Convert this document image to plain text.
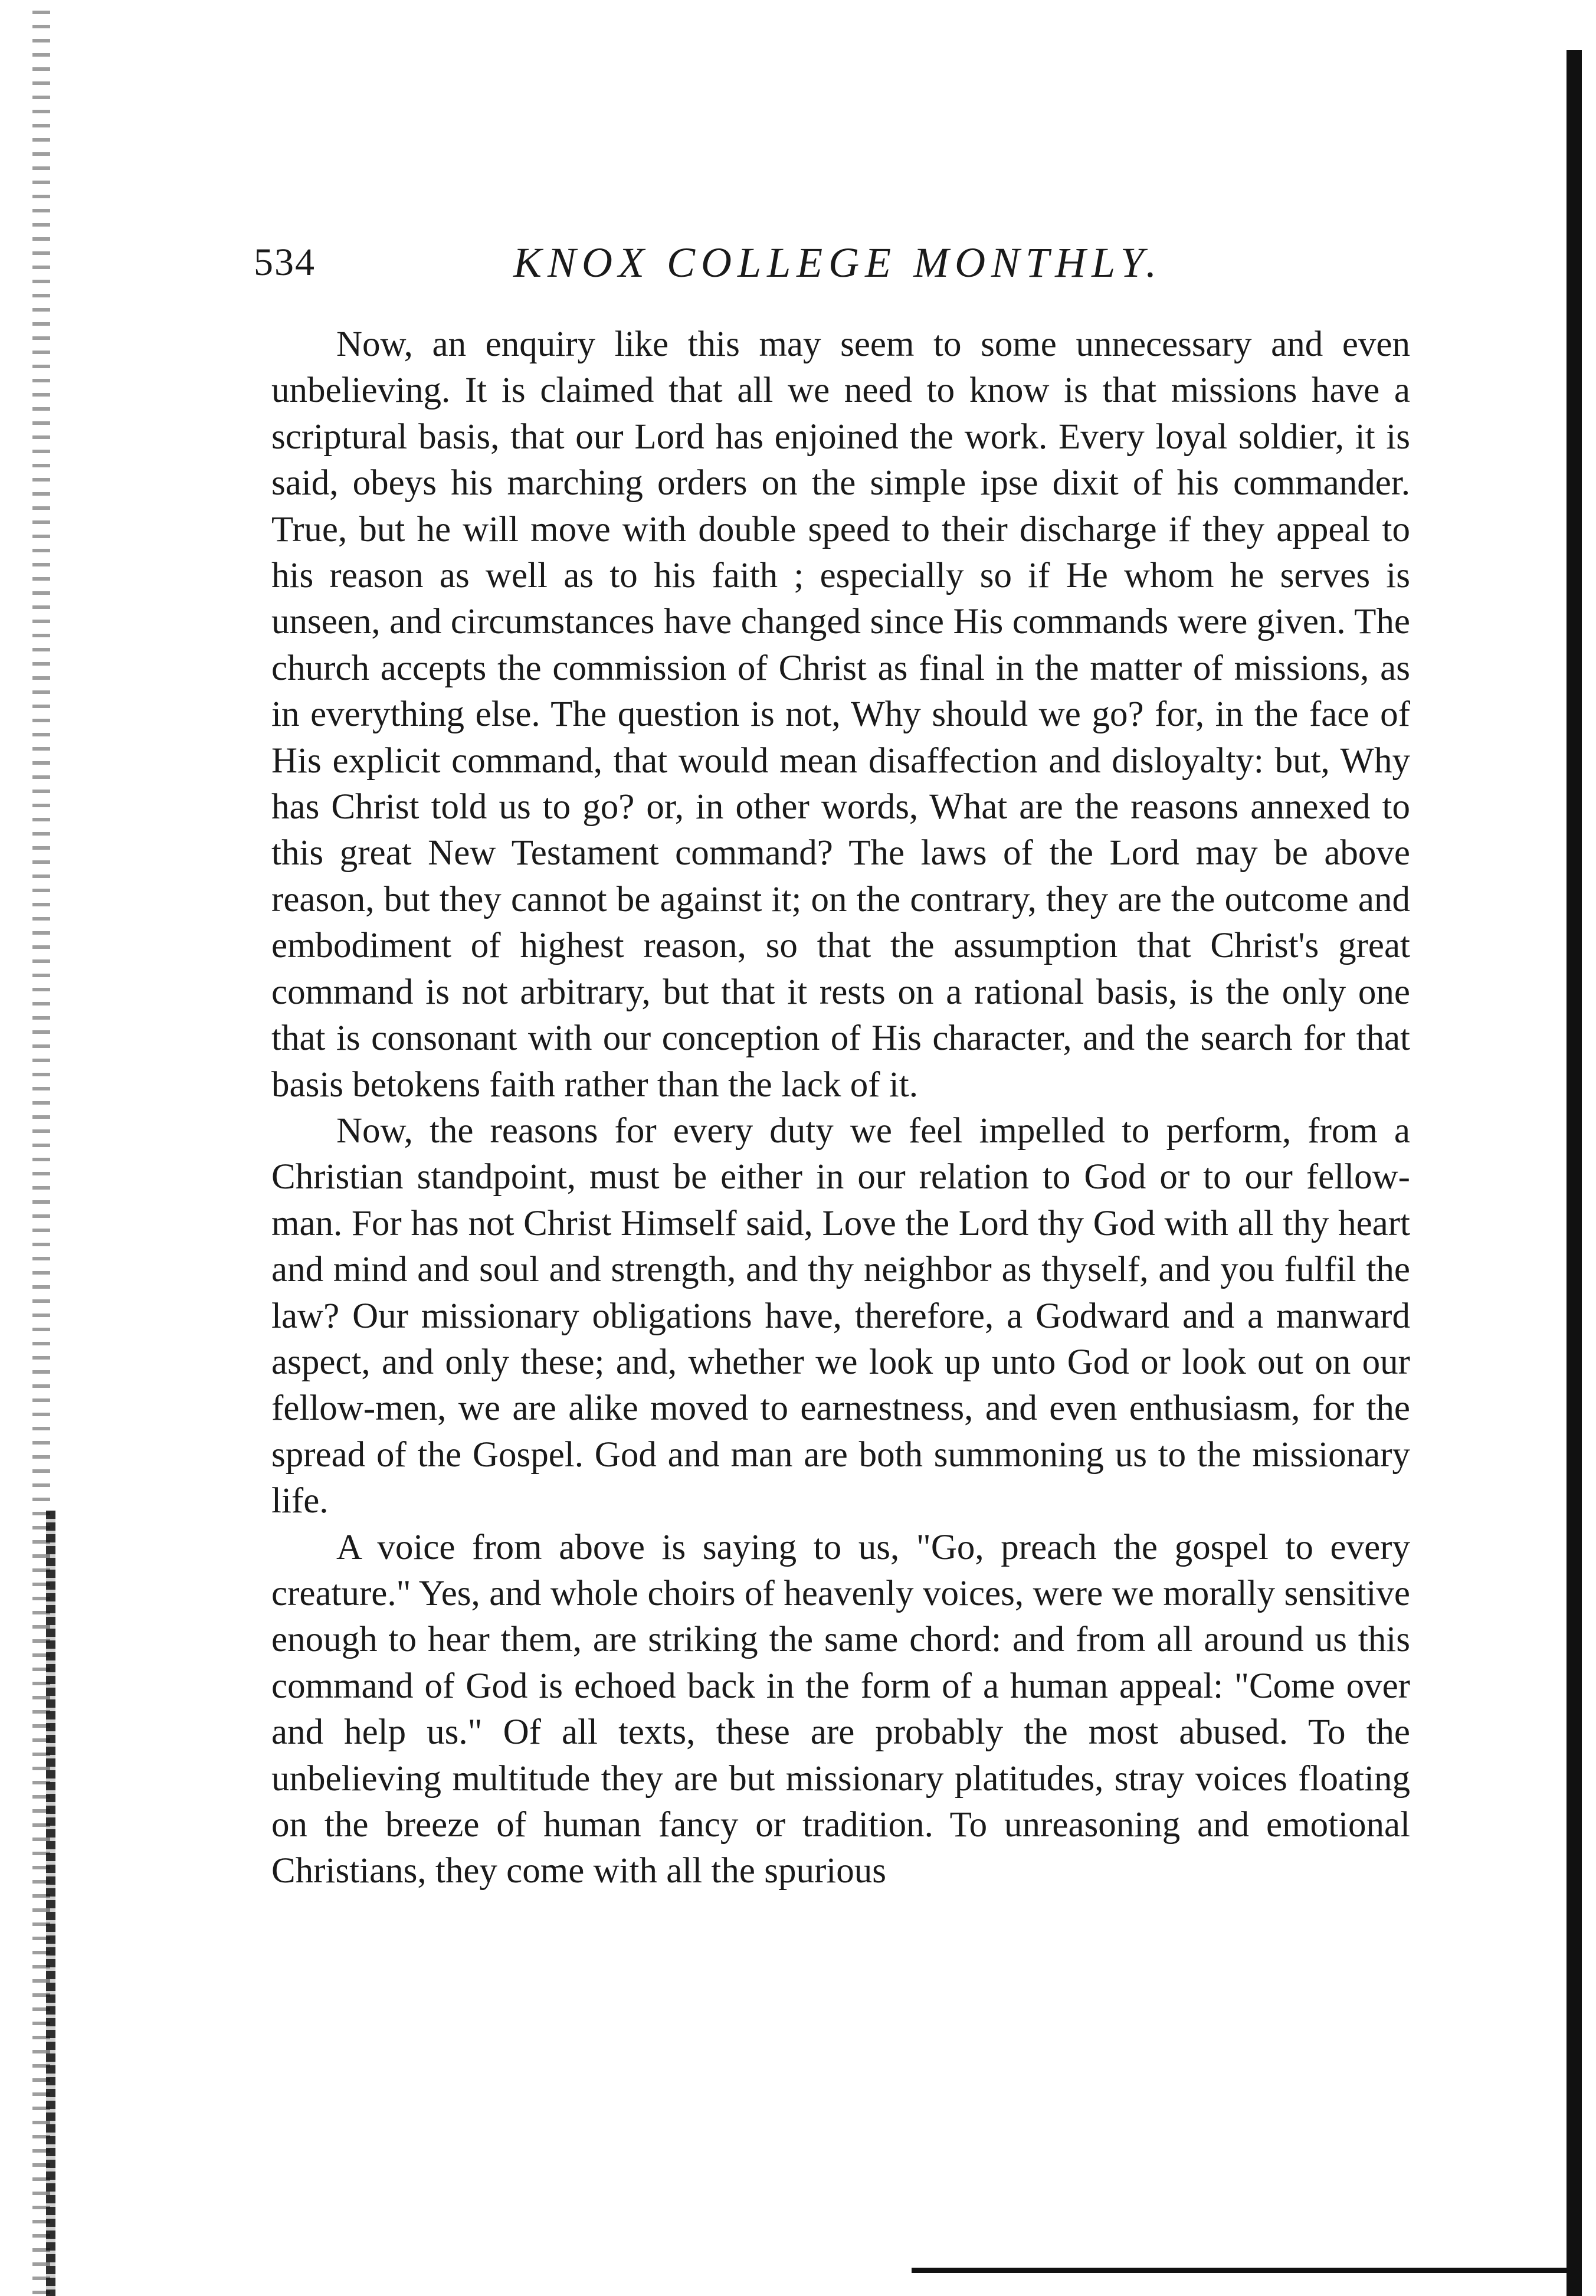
534	KNOX COLLEGE MONTHLY.

Now, an enquiry like this may seem to some unnecessary and even unbelieving. It is claimed that all we need to know is that missions have a scriptural basis, that our Lord has enjoined the work. Every loyal soldier, it is said, obeys his marching orders on the simple ipse dixit of his commander. True, but he will move with double speed to their discharge if they appeal to his reason as well as to his faith ; especially so if He whom he serves is unseen, and circumstances have changed since His commands were given. The church accepts the commission of Christ as final in the matter of missions, as in everything else. The question is not, Why should we go? for, in the face of His explicit command, that would mean disaffection and disloyalty: but, Why has Christ told us to go? or, in other words, What are the reasons annexed to this great New Testament command? The laws of the Lord may be above reason, but they cannot be against it; on the contrary, they are the outcome and embodiment of highest reason, so that the assumption that Christ's great command is not arbitrary, but that it rests on a rational basis, is the only one that is consonant with our conception of His character, and the search for that basis betokens faith rather than the lack of it.

Now, the reasons for every duty we feel impelled to perform, from a Christian standpoint, must be either in our relation to God or to our fellow-man. For has not Christ Himself said, Love the Lord thy God with all thy heart and mind and soul and strength, and thy neighbor as thyself, and you fulfil the law? Our missionary obligations have, therefore, a Godward and a manward aspect, and only these; and, whether we look up unto God or look out on our fellow-men, we are alike moved to earnestness, and even enthusiasm, for the spread of the Gospel. God and man are both summoning us to the missionary life.

A voice from above is saying to us, "Go, preach the gospel to every creature." Yes, and whole choirs of heavenly voices, were we morally sensitive enough to hear them, are striking the same chord: and from all around us this command of God is echoed back in the form of a human appeal: "Come over and help us." Of all texts, these are probably the most abused. To the unbelieving multitude they are but missionary platitudes, stray voices floating on the breeze of human fancy or tradition. To unreasoning and emotional Christians, they come with all the spurious
